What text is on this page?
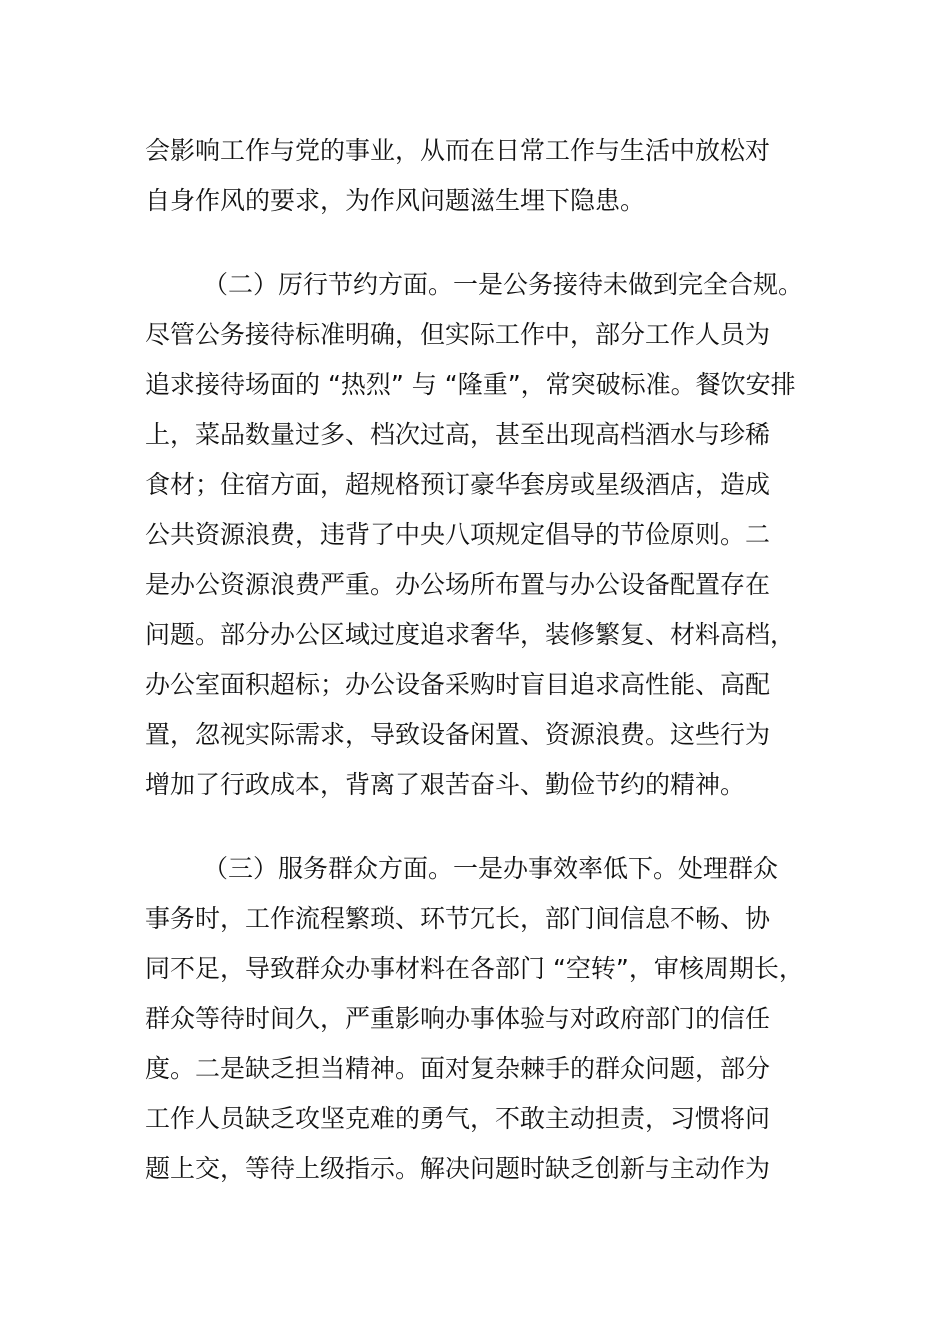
会影响工作与党的事业，从而在日常工作与生活中放松对
自身作风的要求，为作风问题滋生埋下隐患。
（二）厉行节约方面。一是公务接待未做到完全合规。
尽管公务接待标准明确，但实际工作中，部分工作人员为
追求接待场面的 “热烈” 与 “隆重”，常突破标准。餐饮安排
上，菜品数量过多、档次过高，甚至出现高档酒水与珍稀
食材；住宿方面，超规格预订豪华套房或星级酒店，造成
公共资源浪费，违背了中央八项规定倡导的节俭原则。二
是办公资源浪费严重。办公场所布置与办公设备配置存在
问题。部分办公区域过度追求奢华，装修繁复、材料高档，
办公室面积超标；办公设备采购时盲目追求高性能、高配
置，忽视实际需求，导致设备闲置、资源浪费。这些行为
增加了行政成本，背离了艰苦奋斗、勤俭节约的精神。
（三）服务群众方面。一是办事效率低下。处理群众
事务时，工作流程繁琐、环节冗长，部门间信息不畅、协
同不足，导致群众办事材料在各部门 “空转”，审核周期长，
群众等待时间久，严重影响办事体验与对政府部门的信任
度。二是缺乏担当精神。面对复杂棘手的群众问题，部分
工作人员缺乏攻坚克难的勇气，不敢主动担责，习惯将问
题上交，等待上级指示。解决问题时缺乏创新与主动作为
